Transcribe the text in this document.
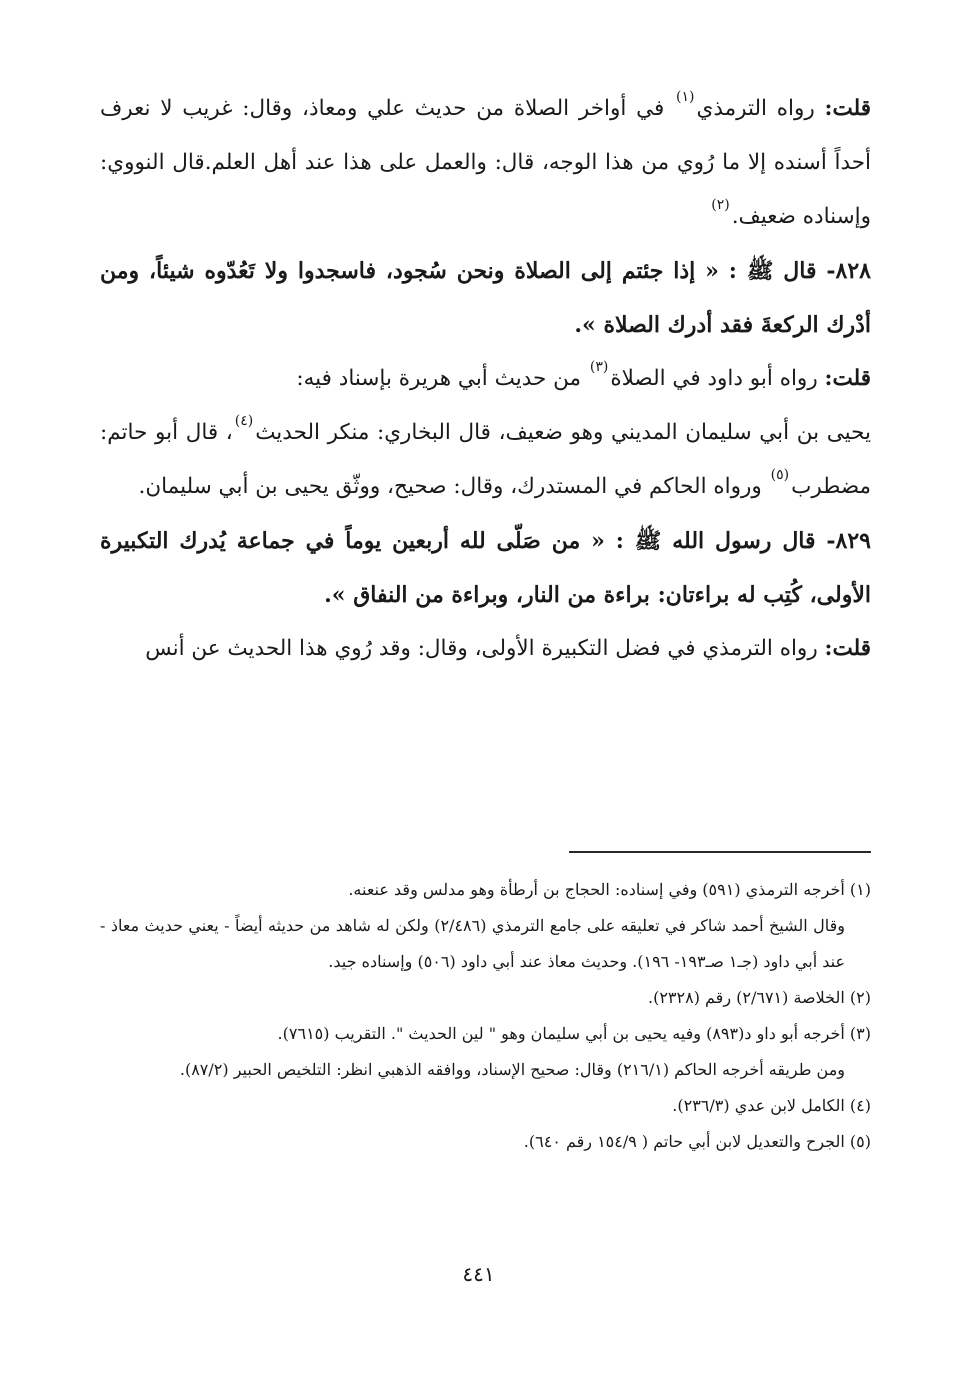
قلت: رواه الترمذي$^{(١)}$ في أواخر الصلاة من حديث علي ومعاذ، وقال: غريب لا نعرف أحداً أسنده إلا ما رُوي من هذا الوجه، قال: والعمل على هذا عند أهل العلم.قال النووي: وإسناده ضعيف.$^{(٢)}$

٨٢٨- قال ﷺ : « إذا جئتم إلى الصلاة ونحن سُجود، فاسجدوا ولا تَعُدّوه شيئاً، ومن أدْرك الركعةَ فقد أدرك الصلاة ».

قلت: رواه أبو داود في الصلاة$^{(٣)}$ من حديث أبي هريرة بإسناد فيه:

يحيى بن أبي سليمان المديني وهو ضعيف، قال البخاري: منكر الحديث$^{(٤)}$، قال أبو حاتم: مضطرب$^{(٥)}$ ورواه الحاكم في المستدرك، وقال: صحيح، ووثّق يحيى بن أبي سليمان.

٨٢٩- قال رسول الله ﷺ : « من صَلّى لله أربعين يوماً في جماعة يُدرك التكبيرة الأولى، كُتِب له براءتان: براءة من النار، وبراءة من النفاق ».

قلت: رواه الترمذي في فضل التكبيرة الأولى، وقال: وقد رُوي هذا الحديث عن أنس

(١) أخرجه الترمذي (٥٩١) وفي إسناده: الحجاج بن أرطأة وهو مدلس وقد عنعنه.

وقال الشيخ أحمد شاكر في تعليقه على جامع الترمذي (٢/٤٨٦) ولكن له شاهد من حديثه أيضاً - يعني حديث معاذ - عند أبي داود (جـ١ صـ١٩٣- ١٩٦). وحديث معاذ عند أبي داود (٥٠٦) وإسناده جيد.

(٢) الخلاصة (٢/٦٧١) رقم (٢٣٢٨).

(٣) أخرجه أبو داو د(٨٩٣) وفيه يحيى بن أبي سليمان وهو " لين الحديث ". التقريب (٧٦١٥).

ومن طريقه أخرجه الحاكم (٢١٦/١) وقال: صحيح الإسناد، ووافقه الذهبي انظر: التلخيص الحبير (٨٧/٢).

(٤) الكامل لابن عدي (٢٣٦/٣).

(٥) الجرح والتعديل لابن أبي حاتم ( ١٥٤/٩ رقم ٦٤٠).

٤٤١
